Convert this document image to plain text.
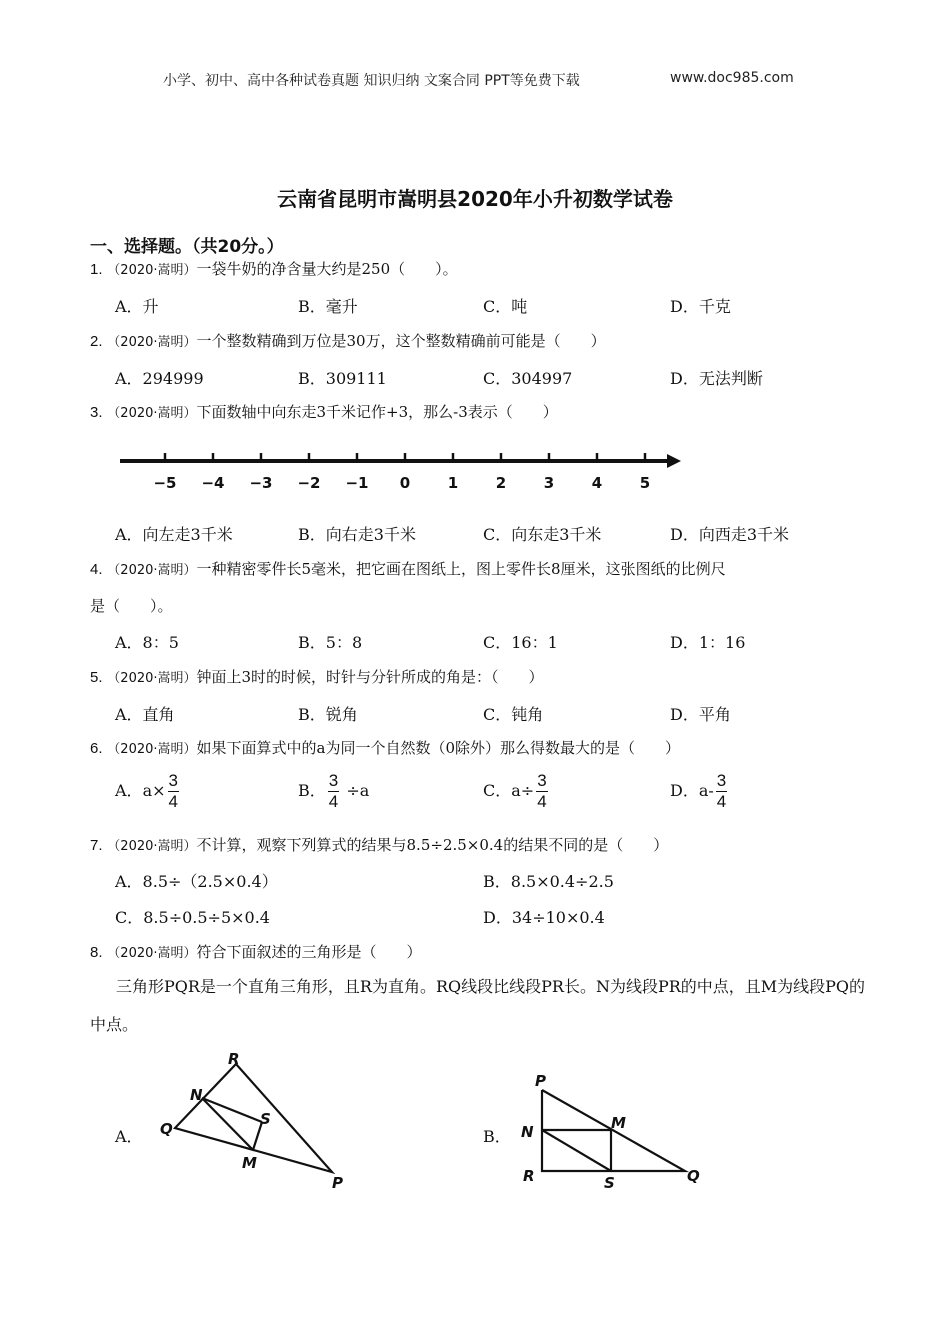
小学、初中、高中各种试卷真题 知识归纳 文案合同 PPT等免费下载	www.doc985.com
云南省昆明市嵩明县2020年小升初数学试卷
一、选择题。（共20分。）
1. （2020·嵩明）一袋牛奶的净含量大约是250（　　）。
A．升	B．毫升	C．吨	D．千克
2. （2020·嵩明）一个整数精确到万位是30万，这个整数精确前可能是（　　）
A．294999	B．309111	C．304997	D．无法判断
3. （2020·嵩明）下面数轴中向东走3千米记作+3，那么-3表示（　　）
−5 −4 −3 −2 −1 0	1	2	3	4	5
A．向左走3千米	B．向右走3千米	C．向东走3千米	D．向西走3千米
4. （2020·嵩明）一种精密零件长5毫米，把它画在图纸上，图上零件长8厘米，这张图纸的比例尺
是（　　）。
A．8：5	B．5：8	C．16：1	D．1：16
5. （2020·嵩明）钟面上3时的时候，时针与分针所成的角是：（　　）
A．直角	B．锐角	C．钝角	D．平角
6. （2020·嵩明）如果下面算式中的a为同一个自然数（0除外）那么得数最大的是（　　）
A．$a\times \frac{3}{4}$	B． $\frac{3}{4} \div a$	C．$a\div \frac{3}{4}$	D．$a- \frac{3}{4}$
7. （2020·嵩明）不计算，观察下列算式的结果与8.5÷2.5×0.4的结果不同的是（　　）
A．8.5÷（2.5×0.4）	B．8.5×0.4÷2.5
C．8.5÷0.5÷5×0.4	D．34÷10×0.4
8. （2020·嵩明）符合下面叙述的三角形是（　　）
三角形PQR是一个直角三角形，且R为直角。RQ线段比线段PR长。N为线段PR的中点，且M为线段PQ的中点。
A．
R
N
Q
S
M
P
B．
P
N	M
R	S	Q
